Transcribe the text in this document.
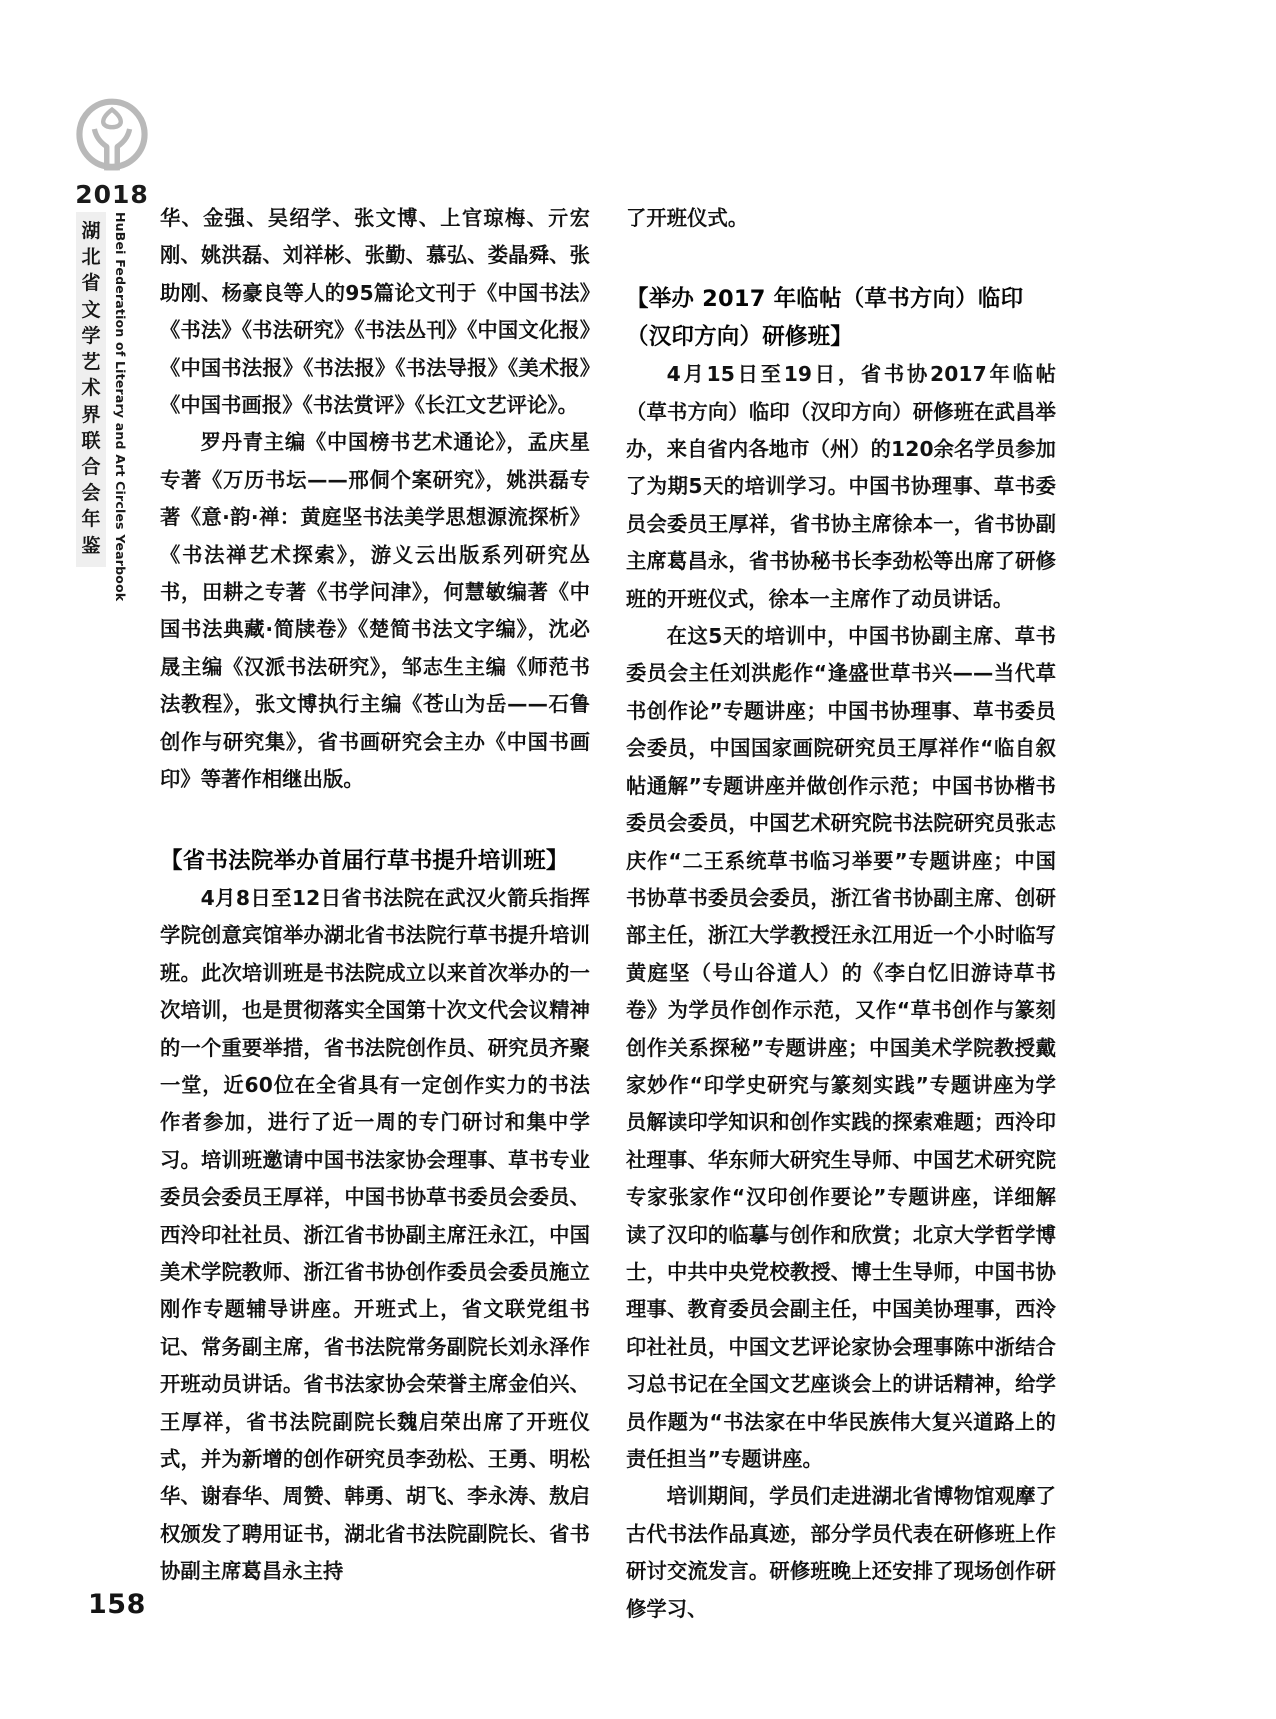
2018
湖
北
省
文
学
艺
术
界
联
合
会
年
鉴 HuBei Federation of Literary and Art Circles Yearbook
158

华、金强、吴绍学、张文博、上官琼梅、亓宏刚、姚洪磊、刘祥彬、张勤、慕弘、娄晶舜、张助刚、杨豪良等人的95篇论文刊于《中国书法》《书法》《书法研究》《书法丛刊》《中国文化报》《中国书法报》《书法报》《书法导报》《美术报》《中国书画报》《书法赏评》《长江文艺评论》。

罗丹青主编《中国榜书艺术通论》，孟庆星专著《万历书坛——邢侗个案研究》，姚洪磊专著《意·韵·禅：黄庭坚书法美学思想源流探析》《书法禅艺术探索》，游义云出版系列研究丛书，田耕之专著《书学问津》，何慧敏编著《中国书法典藏·简牍卷》《楚简书法文字编》，沈必晟主编《汉派书法研究》，邹志生主编《师范书法教程》，张文博执行主编《苍山为岳——石鲁创作与研究集》，省书画研究会主办《中国书画印》等著作相继出版。

【省书法院举办首届行草书提升培训班】

4月8日至12日省书法院在武汉火箭兵指挥学院创意宾馆举办湖北省书法院行草书提升培训班。此次培训班是书法院成立以来首次举办的一次培训，也是贯彻落实全国第十次文代会议精神的一个重要举措，省书法院创作员、研究员齐聚一堂，近60位在全省具有一定创作实力的书法作者参加，进行了近一周的专门研讨和集中学习。培训班邀请中国书法家协会理事、草书专业委员会委员王厚祥，中国书协草书委员会委员、西泠印社社员、浙江省书协副主席汪永江，中国美术学院教师、浙江省书协创作委员会委员施立刚作专题辅导讲座。开班式上，省文联党组书记、常务副主席，省书法院常务副院长刘永泽作开班动员讲话。省书法家协会荣誉主席金伯兴、王厚祥，省书法院副院长魏启荣出席了开班仪式，并为新增的创作研究员李劲松、王勇、明松华、谢春华、周赞、韩勇、胡飞、李永涛、敖启权颁发了聘用证书，湖北省书法院副院长、省书协副主席葛昌永主持

了开班仪式。

【举办 2017 年临帖（草书方向）临印（汉印方向）研修班】

4月15日至19日，省书协2017年临帖（草书方向）临印（汉印方向）研修班在武昌举办，来自省内各地市（州）的120余名学员参加了为期5天的培训学习。中国书协理事、草书委员会委员王厚祥，省书协主席徐本一，省书协副主席葛昌永，省书协秘书长李劲松等出席了研修班的开班仪式，徐本一主席作了动员讲话。

在这5天的培训中，中国书协副主席、草书委员会主任刘洪彪作“逢盛世草书兴——当代草书创作论”专题讲座；中国书协理事、草书委员会委员，中国国家画院研究员王厚祥作“临自叙帖通解”专题讲座并做创作示范；中国书协楷书委员会委员，中国艺术研究院书法院研究员张志庆作“二王系统草书临习举要”专题讲座；中国书协草书委员会委员，浙江省书协副主席、创研部主任，浙江大学教授汪永江用近一个小时临写黄庭坚（号山谷道人）的《李白忆旧游诗草书卷》为学员作创作示范，又作“草书创作与篆刻创作关系探秘”专题讲座；中国美术学院教授戴家妙作“印学史研究与篆刻实践”专题讲座为学员解读印学知识和创作实践的探索难题；西泠印社理事、华东师大研究生导师、中国艺术研究院专家张家作“汉印创作要论”专题讲座，详细解读了汉印的临摹与创作和欣赏；北京大学哲学博士，中共中央党校教授、博士生导师，中国书协理事、教育委员会副主任，中国美协理事，西泠印社社员，中国文艺评论家协会理事陈中浙结合习总书记在全国文艺座谈会上的讲话精神，给学员作题为“书法家在中华民族伟大复兴道路上的责任担当”专题讲座。

培训期间，学员们走进湖北省博物馆观摩了古代书法作品真迹，部分学员代表在研修班上作研讨交流发言。研修班晚上还安排了现场创作研修学习、
